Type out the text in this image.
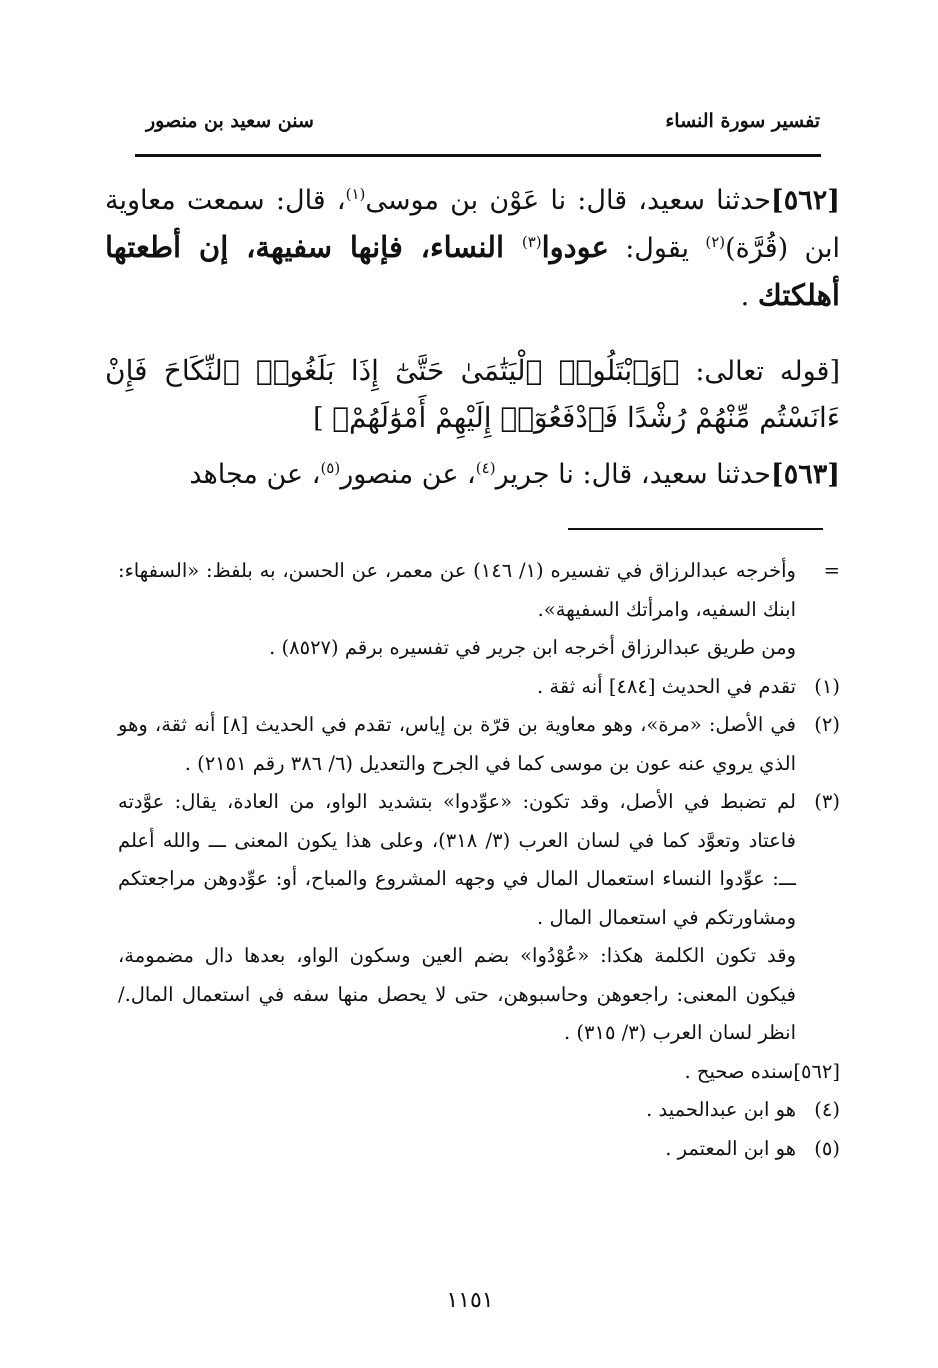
تفسير سورة النساء
سنن سعيد بن منصور
[٥٦٢]حدثنا سعيد، قال: نا عَوْن بن موسى$^{(١)}$، قال: سمعت معاوية ابن (قُرَّة)$^{(٢)}$ يقول: عودوا$^{(٣)}$ النساء، فإنها سفيهة، إن أطعتها أهلكتك .
[قوله تعالى: ﴿وَٱبْتَلُوا۟ ٱلْيَتَٰمَىٰ حَتَّىٰٓ إِذَا بَلَغُوا۟ ٱلنِّكَاحَ فَإِنْ ءَانَسْتُم مِّنْهُمْ رُشْدًا فَٱدْفَعُوٓا۟ إِلَيْهِمْ أَمْوَٰلَهُمْ﴾ ]
[٥٦٣]حدثنا سعيد، قال: نا جرير$^{(٤)}$، عن منصور$^{(٥)}$، عن مجاهد
=
وأخرجه عبدالرزاق في تفسيره (١/ ١٤٦) عن معمر، عن الحسن، به بلفظ: «السفهاء: ابنك السفيه، وامرأتك السفيهة».
ومن طريق عبدالرزاق أخرجه ابن جرير في تفسيره برقم (٨٥٢٧) .
(١)
تقدم في الحديث [٤٨٤] أنه ثقة .
(٢)
في الأصل: «مرة»، وهو معاوية بن قرّة بن إياس، تقدم في الحديث [٨] أنه ثقة، وهو الذي يروي عنه عون بن موسى كما في الجرح والتعديل (٦/ ٣٨٦ رقم ٢١٥١) .
(٣)
لم تضبط في الأصل، وقد تكون: «عوِّدوا» بتشديد الواو، من العادة، يقال: عوَّدته فاعتاد وتعوَّد كما في لسان العرب (٣/ ٣١٨)، وعلى هذا يكون المعنى ـــ والله أعلم ـــ: عوِّدوا النساء استعمال المال في وجهه المشروع والمباح، أو: عوِّدوهن مراجعتكم ومشاورتكم في استعمال المال .
وقد تكون الكلمة هكذا: «عُوْدُوا» بضم العين وسكون الواو، بعدها دال مضمومة، فيكون المعنى: راجعوهن وحاسبوهن، حتى لا يحصل منها سفه في استعمال المال./ انظر لسان العرب (٣/ ٣١٥) .
[٥٦٢]سنده صحيح .
(٤)
هو ابن عبدالحميد .
(٥)
هو ابن المعتمر .
١١٥١
